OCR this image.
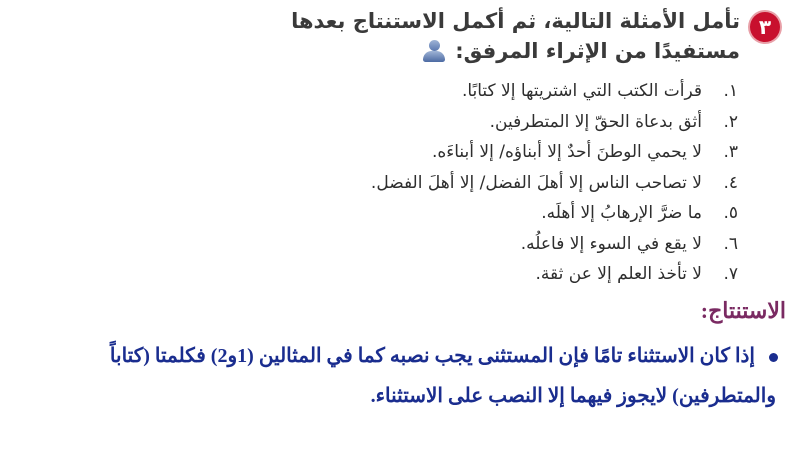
٣
تأمل الأمثلة التالية، ثم أكمل الاستنتاج بعدها
مستفيدًا من الإثراء المرفق:
١.
قرأت الكتب التي اشتريتها إلا كتابًا.
٢.
أثق بدعاة الحقّ إلا المتطرفين.
٣.
لا يحمي الوطنَ أحدٌ إلا أبناؤه/ إلا أبناءَه.
٤.
لا تصاحب الناس إلا أهلَ الفضل/ إلا أهلَ الفضل.
٥.
ما ضرَّ الإرهابُ إلا أهلَه.
٦.
لا يقع في السوء إلا فاعلُه.
٧.
لا تأخذ العلم إلا عن ثقة.
الاستنتاج:
إذا كان الاستثناء تامًا فإن المستثنى يجب نصبه كما في المثالين (1و2) فكلمتا (كتاباً
والمتطرفين) لايجوز فيهما إلا النصب على الاستثناء.
